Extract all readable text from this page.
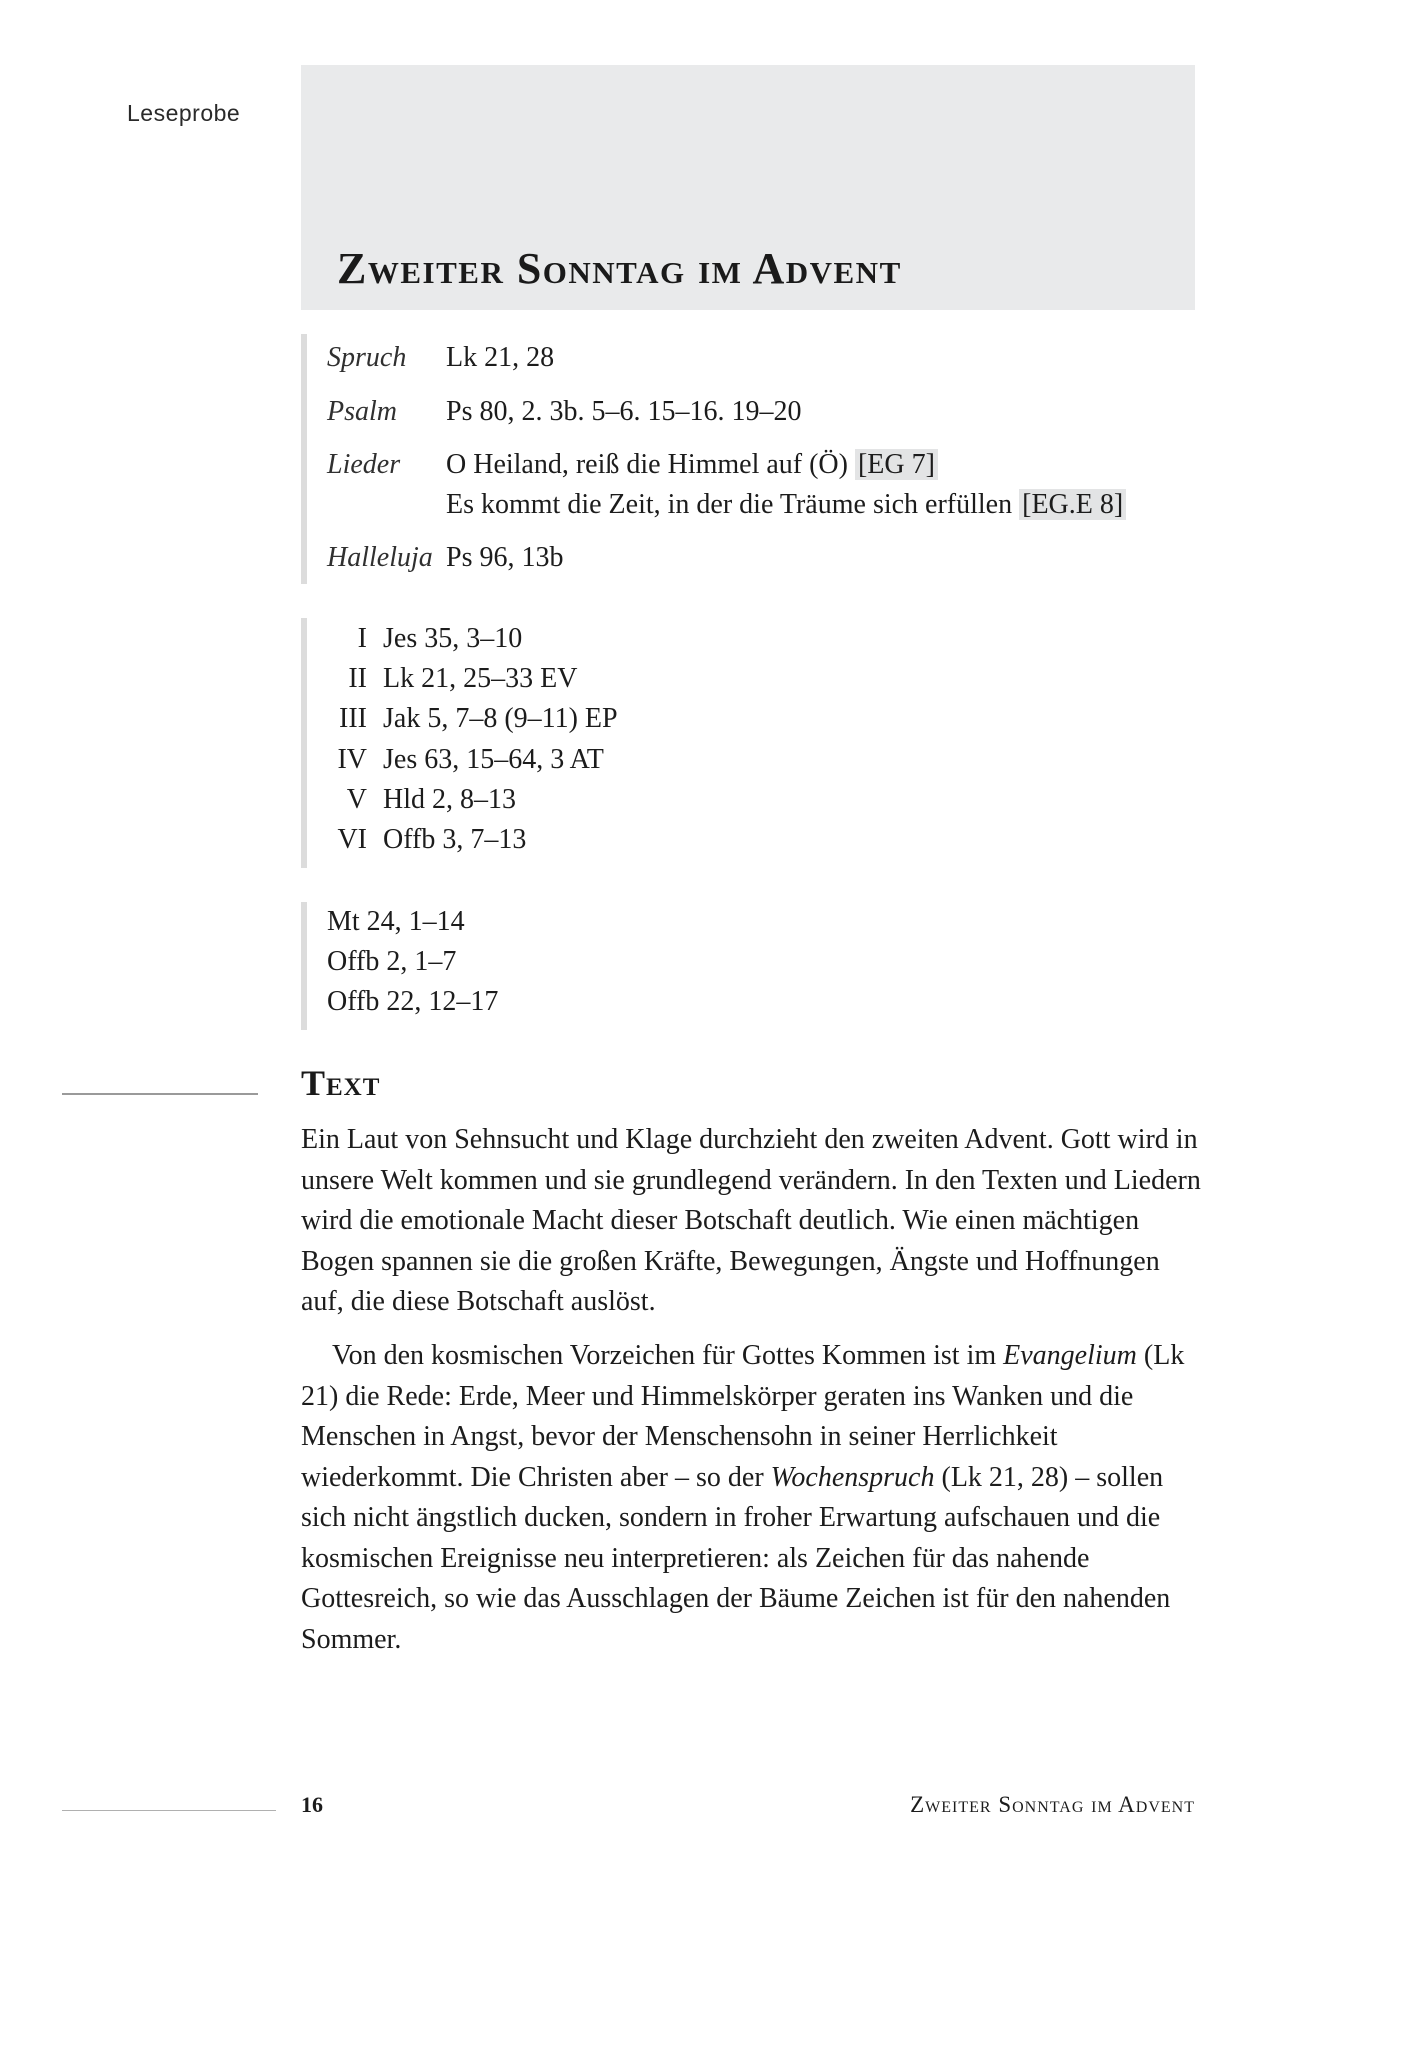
Leseprobe
Zweiter Sonntag im Advent
Spruch Lk 21, 28
Psalm Ps 80, 2. 3b. 5–6. 15–16. 19–20
Lieder O Heiland, reiß die Himmel auf (Ö) [EG 7]
Es kommt die Zeit, in der die Träume sich erfüllen [EG.E 8]
Halleluja Ps 96, 13b
I Jes 35, 3–10
II Lk 21, 25–33 EV
III Jak 5, 7–8 (9–11) EP
IV Jes 63, 15–64, 3 AT
V Hld 2, 8–13
VI Offb 3, 7–13
Mt 24, 1–14
Offb 2, 1–7
Offb 22, 12–17
Text

Ein Laut von Sehnsucht und Klage durchzieht den zweiten Advent. Gott wird in unsere Welt kommen und sie grundlegend verändern. In den Texten und Liedern wird die emotionale Macht dieser Botschaft deutlich. Wie einen mächtigen Bogen spannen sie die großen Kräfte, Bewegungen, Ängste und Hoffnungen auf, die diese Botschaft auslöst.

Von den kosmischen Vorzeichen für Gottes Kommen ist im Evangelium (Lk 21) die Rede: Erde, Meer und Himmelskörper geraten ins Wanken und die Menschen in Angst, bevor der Menschensohn in seiner Herrlichkeit wiederkommt. Die Christen aber – so der Wochenspruch (Lk 21, 28) – sollen sich nicht ängstlich ducken, sondern in froher Erwartung aufschauen und die kosmischen Ereignisse neu interpretieren: als Zeichen für das nahende Gottesreich, so wie das Ausschlagen der Bäume Zeichen ist für den nahenden Sommer.

16	Zweiter Sonntag im Advent
